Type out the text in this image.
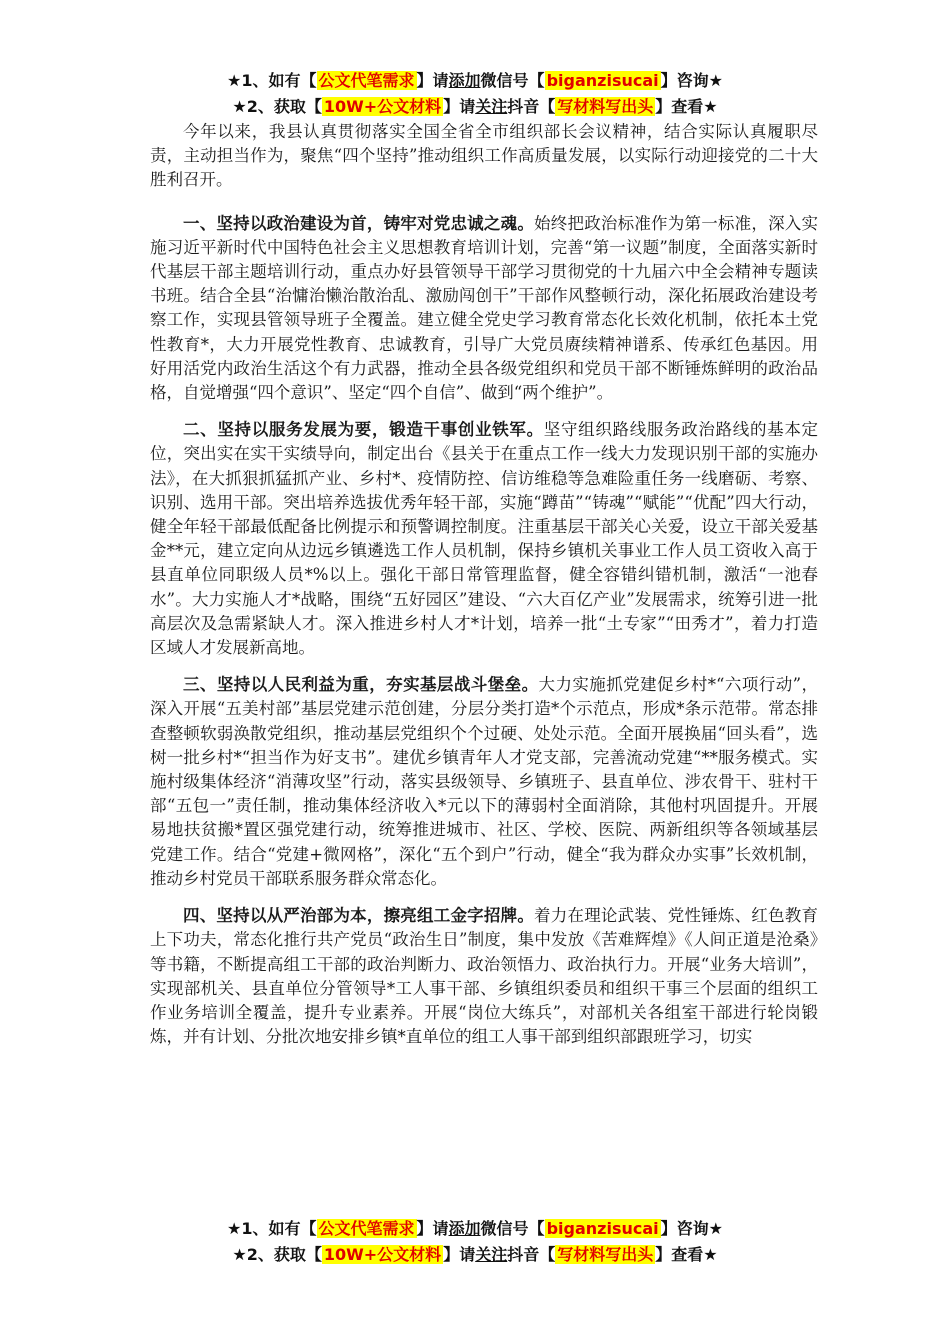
★1、如有【 公文代笔需求 】请添加微信号【 biganzisucai 】咨询★
★2、获取【 10W+公文材料 】请关注抖音【 写材料写出头 】查看★

今年以来，我县认真贯彻落实全国全省全市组织部长会议精神，结合实际认真履职尽责，主动担当作为，聚焦“四个坚持”推动组织工作高质量发展，以实际行动迎接党的二十大胜利召开。

一、坚持以政治建设为首，铸牢对党忠诚之魂。始终把政治标准作为第一标准，深入实施习近平新时代中国特色社会主义思想教育培训计划，完善“第一议题”制度，全面落实新时代基层干部主题培训行动，重点办好县管领导干部学习贯彻党的十九届六中全会精神专题读书班。结合全县“治慵治懒治散治乱、激励闯创干”干部作风整顿行动，深化拓展政治建设考察工作，实现县管领导班子全覆盖。建立健全党史学习教育常态化长效化机制，依托本土党性教育*，大力开展党性教育、忠诚教育，引导广大党员赓续精神谱系、传承红色基因。用好用活党内政治生活这个有力武器，推动全县各级党组织和党员干部不断锤炼鲜明的政治品格，自觉增强“四个意识”、坚定“四个自信”、做到“两个维护”。

二、坚持以服务发展为要，锻造干事创业铁军。坚守组织路线服务政治路线的基本定位，突出实在实干实绩导向，制定出台《县关于在重点工作一线大力发现识别干部的实施办法》，在大抓狠抓猛抓产业、乡村*、疫情防控、信访维稳等急难险重任务一线磨砺、考察、识别、选用干部。突出培养选拔优秀年轻干部，实施“蹲苗”“铸魂”“赋能”“优配”四大行动，健全年轻干部最低配备比例提示和预警调控制度。注重基层干部关心关爱，设立干部关爱基金**元，建立定向从边远乡镇遴选工作人员机制，保持乡镇机关事业工作人员工资收入高于县直单位同职级人员*%以上。强化干部日常管理监督，健全容错纠错机制，激活“一池春水”。大力实施人才*战略，围绕“五好园区”建设、“六大百亿产业”发展需求，统筹引进一批高层次及急需紧缺人才。深入推进乡村人才*计划，培养一批“土专家”“田秀才”，着力打造区域人才发展新高地。

三、坚持以人民利益为重，夯实基层战斗堡垒。大力实施抓党建促乡村*“六项行动”，深入开展“五美村部”基层党建示范创建，分层分类打造*个示范点，形成*条示范带。常态排查整顿软弱涣散党组织，推动基层党组织个个过硬、处处示范。全面开展换届“回头看”，选树一批乡村*“担当作为好支书”。建优乡镇青年人才党支部，完善流动党建“**服务模式。实施村级集体经济“消薄攻坚”行动，落实县级领导、乡镇班子、县直单位、涉农骨干、驻村干部“五包一”责任制，推动集体经济收入*元以下的薄弱村全面消除，其他村巩固提升。开展易地扶贫搬*置区强党建行动，统筹推进城市、社区、学校、医院、两新组织等各领域基层党建工作。结合“党建+微网格”，深化“五个到户”行动，健全“我为群众办实事”长效机制，推动乡村党员干部联系服务群众常态化。

四、坚持以从严治部为本，擦亮组工金字招牌。着力在理论武装、党性锤炼、红色教育上下功夫，常态化推行共产党员“政治生日”制度，集中发放《苦难辉煌》《人间正道是沧桑》等书籍，不断提高组工干部的政治判断力、政治领悟力、政治执行力。开展“业务大培训”，实现部机关、县直单位分管领导*工人事干部、乡镇组织委员和组织干事三个层面的组织工作业务培训全覆盖，提升专业素养。开展“岗位大练兵”，对部机关各组室干部进行轮岗锻炼，并有计划、分批次地安排乡镇*直单位的组工人事干部到组织部跟班学习，切实

★1、如有【 公文代笔需求 】请添加微信号【 biganzisucai 】咨询★
★2、获取【 10W+公文材料 】请关注抖音【 写材料写出头 】查看★
